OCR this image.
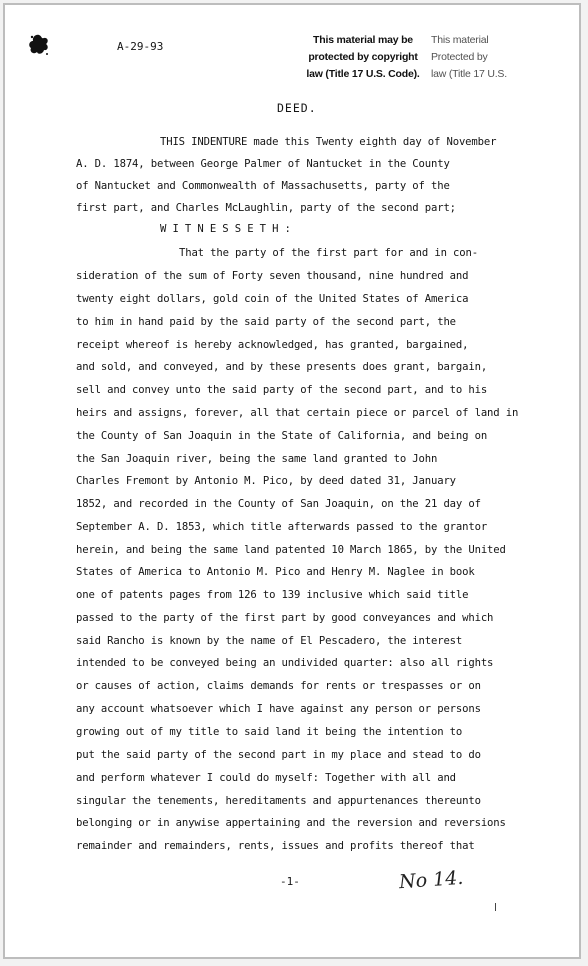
A-29-93	This material may be
protected by copyright
law (Title 17 U.S. Code).
This material
Protected by
law (Title 17 U.S.
DEED.
THIS INDENTURE made this Twenty eighth day of November
A. D. 1874, between George Palmer of Nantucket in the County
of Nantucket and Commonwealth of Massachusetts, party of the
first part, and Charles McLaughlin, party of the second part;
W I T N E S S E T H :
That the party of the first part for and in con-
sideration of the sum of Forty seven thousand, nine hundred and
twenty eight dollars, gold coin of the United States of America
to him in hand paid by the said party of the second part, the
receipt whereof is hereby acknowledged, has granted, bargained,
and sold, and conveyed, and by these presents does grant, bargain,
sell and convey unto the said party of the second part, and to his
heirs and assigns, forever, all that certain piece or parcel of land in
the County of San Joaquin in the State of California, and being on
the San Joaquin river, being the same land granted to John
Charles Fremont by Antonio M. Pico, by deed dated 31, January
1852, and recorded in the County of San Joaquin, on the 21 day of
September A. D. 1853, which title afterwards passed to the grantor
herein, and being the same land patented 10 March 1865, by the United
States of America to Antonio M. Pico and Henry M. Naglee in book
one of patents pages from 126 to 139 inclusive which said title
passed to the party of the first part by good conveyances and which
said Rancho is known by the name of El Pescadero, the interest
intended to be conveyed being an undivided quarter: also all rights
or causes of action, claims demands for rents or trespasses or on
any account whatsoever which I have against any person or persons
growing out of my title to said land it being the intention to
put the said party of the second part in my place and stead to do
and perform whatever I could do myself: Together with all and
singular the tenements, hereditaments and appurtenances thereunto
belonging or in anywise appertaining and the reversion and reversions
remainder and remainders, rents, issues and profits thereof that
-1-	No 14.
